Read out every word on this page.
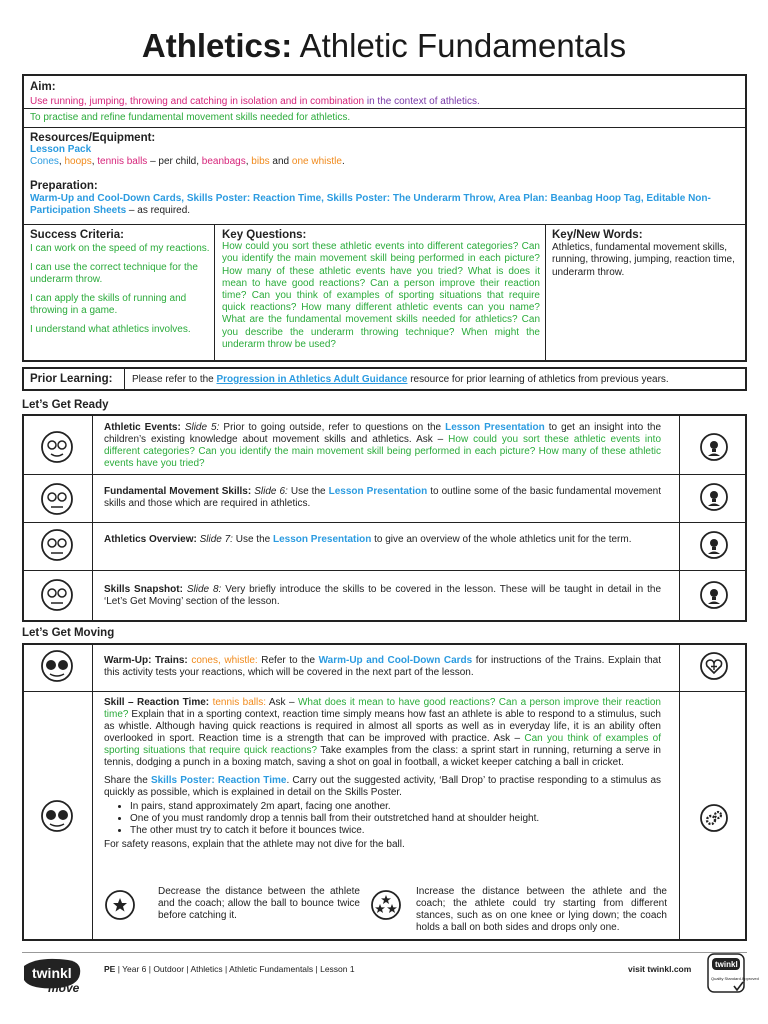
Athletics: Athletic Fundamentals
Aim:
Use running, jumping, throwing and catching in isolation and in combination in the context of athletics.
To practise and refine fundamental movement skills needed for athletics.
Resources/Equipment:
Lesson Pack
Cones, hoops, tennis balls – per child, beanbags, bibs and one whistle.
Preparation:
Warm-Up and Cool-Down Cards, Skills Poster: Reaction Time, Skills Poster: The Underarm Throw, Area Plan: Beanbag Hoop Tag, Editable Non-Participation Sheets – as required.
Success Criteria:
I can work on the speed of my reactions.
I can use the correct technique for the underarm throw.
I can apply the skills of running and throwing in a game.
I understand what athletics involves.
Key Questions:
How could you sort these athletic events into different categories? Can you identify the main movement skill being performed in each picture? How many of these athletic events have you tried? What is does it mean to have good reactions? Can a person improve their reaction time? Can you think of examples of sporting situations that require quick reactions? How many different athletic events can you name? What are the fundamental movement skills needed for athletics? Can you describe the underarm throwing technique? When might the underarm throw be used?
Key/New Words:
Athletics, fundamental movement skills, running, throwing, jumping, reaction time, underarm throw.
Prior Learning: Please refer to the Progression in Athletics Adult Guidance resource for prior learning of athletics from previous years.
Let’s Get Ready
Athletic Events: Slide 5: Prior to going outside, refer to questions on the Lesson Presentation to get an insight into the children’s existing knowledge about movement skills and athletics. Ask – How could you sort these athletic events into different categories? Can you identify the main movement skill being performed in each picture? How many of these athletic events have you tried?
Fundamental Movement Skills: Slide 6: Use the Lesson Presentation to outline some of the basic fundamental movement skills and those which are required in athletics.
Athletics Overview: Slide 7: Use the Lesson Presentation to give an overview of the whole athletics unit for the term.
Skills Snapshot: Slide 8: Very briefly introduce the skills to be covered in the lesson. These will be taught in detail in the ‘Let’s Get Moving’ section of the lesson.
Let’s Get Moving
Warm-Up: Trains: cones, whistle: Refer to the Warm-Up and Cool-Down Cards for instructions of the Trains. Explain that this activity tests your reactions, which will be covered in the next part of the lesson.

Skill – Reaction Time: tennis balls: Ask – What does it mean to have good reactions? Can a person improve their reaction time? Explain that in a sporting context, reaction time simply means how fast an athlete is able to respond to a stimulus, such as whistle. Although having quick reactions is required in almost all sports as well as in everyday life, it is an ability often overlooked in sport. Reaction time is a strength that can be improved with practice. Ask – Can you think of examples of sporting situations that require quick reactions? Take examples from the class: a sprint start in running, returning a serve in tennis, dodging a punch in a boxing match, saving a shot on goal in football, a wicket keeper catching a ball in cricket.

Share the Skills Poster: Reaction Time. Carry out the suggested activity, ‘Ball Drop’ to practise responding to a stimulus as quickly as possible, which is explained in detail on the Skills Poster.

• In pairs, stand approximately 2m apart, facing one another.
• One of you must randomly drop a tennis ball from their outstretched hand at shoulder height.
• The other must try to catch it before it bounces twice.

For safety reasons, explain that the athlete may not dive for the ball.

Decrease the distance between the athlete and the coach; allow the ball to bounce twice before catching it.
Increase the distance between the athlete and the coach; the athlete could try starting from different stances, such as on one knee or lying down; the coach holds a ball on both sides and drops only one.
twinkl
move
PE | Year 6 | Outdoor | Athletics | Athletic Fundamentals | Lesson 1	visit twinkl.com	twinkl
Quality Standard Approved
